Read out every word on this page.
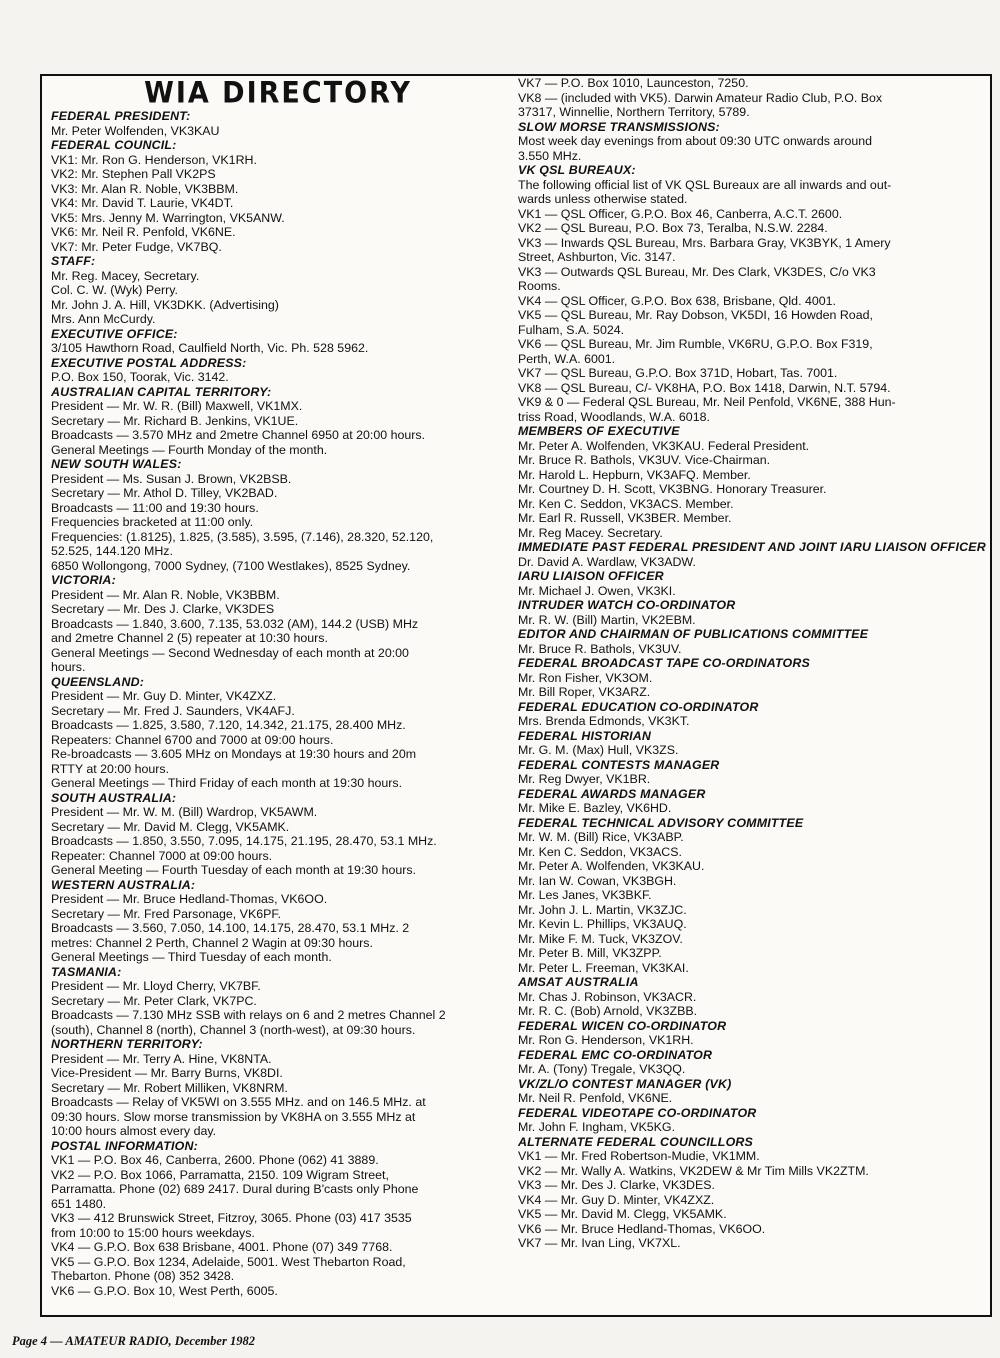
WIA DIRECTORY
FEDERAL PRESIDENT:
Mr. Peter Wolfenden, VK3KAU
FEDERAL COUNCIL:
VK1: Mr. Ron G. Henderson, VK1RH.
VK2: Mr. Stephen Pall VK2PS
VK3: Mr. Alan R. Noble, VK3BBM.
VK4: Mr. David T. Laurie, VK4DT.
VK5: Mrs. Jenny M. Warrington, VK5ANW.
VK6: Mr. Neil R. Penfold, VK6NE.
VK7: Mr. Peter Fudge, VK7BQ.
STAFF:
Mr. Reg. Macey, Secretary.
Col. C. W. (Wyk) Perry.
Mr. John J. A. Hill, VK3DKK. (Advertising)
Mrs. Ann McCurdy.
EXECUTIVE OFFICE:
3/105 Hawthorn Road, Caulfield North, Vic. Ph. 528 5962.
EXECUTIVE POSTAL ADDRESS:
P.O. Box 150, Toorak, Vic. 3142.
AUSTRALIAN CAPITAL TERRITORY:
President — Mr. W. R. (Bill) Maxwell, VK1MX.
Secretary — Mr. Richard B. Jenkins, VK1UE.
Broadcasts — 3.570 MHz and 2metre Channel 6950 at 20:00 hours.
General Meetings — Fourth Monday of the month.
NEW SOUTH WALES:
President — Ms. Susan J. Brown, VK2BSB.
Secretary — Mr. Athol D. Tilley, VK2BAD.
Broadcasts — 11:00 and 19:30 hours.
Frequencies bracketed at 11:00 only.
Frequencies: (1.8125), 1.825, (3.585), 3.595, (7.146), 28.320, 52.120,
52.525, 144.120 MHz.
6850 Wollongong, 7000 Sydney, (7100 Westlakes), 8525 Sydney.
VICTORIA:
President — Mr. Alan R. Noble, VK3BBM.
Secretary — Mr. Des J. Clarke, VK3DES
Broadcasts — 1.840, 3.600, 7.135, 53.032 (AM), 144.2 (USB) MHz
and 2metre Channel 2 (5) repeater at 10:30 hours.
General Meetings — Second Wednesday of each month at 20:00
hours.
QUEENSLAND:
President — Mr. Guy D. Minter, VK4ZXZ.
Secretary — Mr. Fred J. Saunders, VK4AFJ.
Broadcasts — 1.825, 3.580, 7.120, 14.342, 21.175, 28.400 MHz.
Repeaters: Channel 6700 and 7000 at 09:00 hours.
Re-broadcasts — 3.605 MHz on Mondays at 19:30 hours and 20m
RTTY at 20:00 hours.
General Meetings — Third Friday of each month at 19:30 hours.
SOUTH AUSTRALIA:
President — Mr. W. M. (Bill) Wardrop, VK5AWM.
Secretary — Mr. David M. Clegg, VK5AMK.
Broadcasts — 1.850, 3.550, 7.095, 14.175, 21.195, 28.470, 53.1 MHz.
Repeater: Channel 7000 at 09:00 hours.
General Meeting — Fourth Tuesday of each month at 19:30 hours.
WESTERN AUSTRALIA:
President — Mr. Bruce Hedland-Thomas, VK6OO.
Secretary — Mr. Fred Parsonage, VK6PF.
Broadcasts — 3.560, 7.050, 14.100, 14.175, 28.470, 53.1 MHz. 2
metres: Channel 2 Perth, Channel 2 Wagin at 09:30 hours.
General Meetings — Third Tuesday of each month.
TASMANIA:
President — Mr. Lloyd Cherry, VK7BF.
Secretary — Mr. Peter Clark, VK7PC.
Broadcasts — 7.130 MHz SSB with relays on 6 and 2 metres Channel 2
(south), Channel 8 (north), Channel 3 (north-west), at 09:30 hours.
NORTHERN TERRITORY:
President — Mr. Terry A. Hine, VK8NTA.
Vice-President — Mr. Barry Burns, VK8DI.
Secretary — Mr. Robert Milliken, VK8NRM.
Broadcasts — Relay of VK5WI on 3.555 MHz. and on 146.5 MHz. at
09:30 hours. Slow morse transmission by VK8HA on 3.555 MHz at
10:00 hours almost every day.
POSTAL INFORMATION:
VK1 — P.O. Box 46, Canberra, 2600. Phone (062) 41 3889.
VK2 — P.O. Box 1066, Parramatta, 2150. 109 Wigram Street,
Parramatta. Phone (02) 689 2417. Dural during B'casts only Phone
651 1480.
VK3 — 412 Brunswick Street, Fitzroy, 3065. Phone (03) 417 3535
from 10:00 to 15:00 hours weekdays.
VK4 — G.P.O. Box 638 Brisbane, 4001. Phone (07) 349 7768.
VK5 — G.P.O. Box 1234, Adelaide, 5001. West Thebarton Road,
Thebarton. Phone (08) 352 3428.
VK6 — G.P.O. Box 10, West Perth, 6005.
VK7 — P.O. Box 1010, Launceston, 7250.
VK8 — (included with VK5). Darwin Amateur Radio Club, P.O. Box
37317, Winnellie, Northern Territory, 5789.
SLOW MORSE TRANSMISSIONS:
Most week day evenings from about 09:30 UTC onwards around
3.550 MHz.
VK QSL BUREAUX:
The following official list of VK QSL Bureaux are all inwards and out-
wards unless otherwise stated.
VK1 — QSL Officer, G.P.O. Box 46, Canberra, A.C.T. 2600.
VK2 — QSL Bureau, P.O. Box 73, Teralba, N.S.W. 2284.
VK3 — Inwards QSL Bureau, Mrs. Barbara Gray, VK3BYK, 1 Amery
Street, Ashburton, Vic. 3147.
VK3 — Outwards QSL Bureau, Mr. Des Clark, VK3DES, C/o VK3
Rooms.
VK4 — QSL Officer, G.P.O. Box 638, Brisbane, Qld. 4001.
VK5 — QSL Bureau, Mr. Ray Dobson, VK5DI, 16 Howden Road,
Fulham, S.A. 5024.
VK6 — QSL Bureau, Mr. Jim Rumble, VK6RU, G.P.O. Box F319,
Perth, W.A. 6001.
VK7 — QSL Bureau, G.P.O. Box 371D, Hobart, Tas. 7001.
VK8 — QSL Bureau, C/- VK8HA, P.O. Box 1418, Darwin, N.T. 5794.
VK9 & 0 — Federal QSL Bureau, Mr. Neil Penfold, VK6NE, 388 Hun-
triss Road, Woodlands, W.A. 6018.
MEMBERS OF EXECUTIVE
Mr. Peter A. Wolfenden, VK3KAU. Federal President.
Mr. Bruce R. Bathols, VK3UV. Vice-Chairman.
Mr. Harold L. Hepburn, VK3AFQ. Member.
Mr. Courtney D. H. Scott, VK3BNG. Honorary Treasurer.
Mr. Ken C. Seddon, VK3ACS. Member.
Mr. Earl R. Russell, VK3BER. Member.
Mr. Reg Macey. Secretary.
IMMEDIATE PAST FEDERAL PRESIDENT AND JOINT IARU LIAISON OFFICER
Dr. David A. Wardlaw, VK3ADW.
IARU LIAISON OFFICER
Mr. Michael J. Owen, VK3KI.
INTRUDER WATCH CO-ORDINATOR
Mr. R. W. (Bill) Martin, VK2EBM.
EDITOR AND CHAIRMAN OF PUBLICATIONS COMMITTEE
Mr. Bruce R. Bathols, VK3UV.
FEDERAL BROADCAST TAPE CO-ORDINATORS
Mr. Ron Fisher, VK3OM.
Mr. Bill Roper, VK3ARZ.
FEDERAL EDUCATION CO-ORDINATOR
Mrs. Brenda Edmonds, VK3KT.
FEDERAL HISTORIAN
Mr. G. M. (Max) Hull, VK3ZS.
FEDERAL CONTESTS MANAGER
Mr. Reg Dwyer, VK1BR.
FEDERAL AWARDS MANAGER
Mr. Mike E. Bazley, VK6HD.
FEDERAL TECHNICAL ADVISORY COMMITTEE
Mr. W. M. (Bill) Rice, VK3ABP.
Mr. Ken C. Seddon, VK3ACS.
Mr. Peter A. Wolfenden, VK3KAU.
Mr. Ian W. Cowan, VK3BGH.
Mr. Les Janes, VK3BKF.
Mr. John J. L. Martin, VK3ZJC.
Mr. Kevin L. Phillips, VK3AUQ.
Mr. Mike F. M. Tuck, VK3ZOV.
Mr. Peter B. Mill, VK3ZPP.
Mr. Peter L. Freeman, VK3KAI.
AMSAT AUSTRALIA
Mr. Chas J. Robinson, VK3ACR.
Mr. R. C. (Bob) Arnold, VK3ZBB.
FEDERAL WICEN CO-ORDINATOR
Mr. Ron G. Henderson, VK1RH.
FEDERAL EMC CO-ORDINATOR
Mr. A. (Tony) Tregale, VK3QQ.
VK/ZL/O CONTEST MANAGER (VK)
Mr. Neil R. Penfold, VK6NE.
FEDERAL VIDEOTAPE CO-ORDINATOR
Mr. John F. Ingham, VK5KG.
ALTERNATE FEDERAL COUNCILLORS
VK1 — Mr. Fred Robertson-Mudie, VK1MM.
VK2 — Mr. Wally A. Watkins, VK2DEW & Mr Tim Mills VK2ZTM.
VK3 — Mr. Des J. Clarke, VK3DES.
VK4 — Mr. Guy D. Minter, VK4ZXZ.
VK5 — Mr. David M. Clegg, VK5AMK.
VK6 — Mr. Bruce Hedland-Thomas, VK6OO.
VK7 — Mr. Ivan Ling, VK7XL.
Page 4 — AMATEUR RADIO, December 1982
